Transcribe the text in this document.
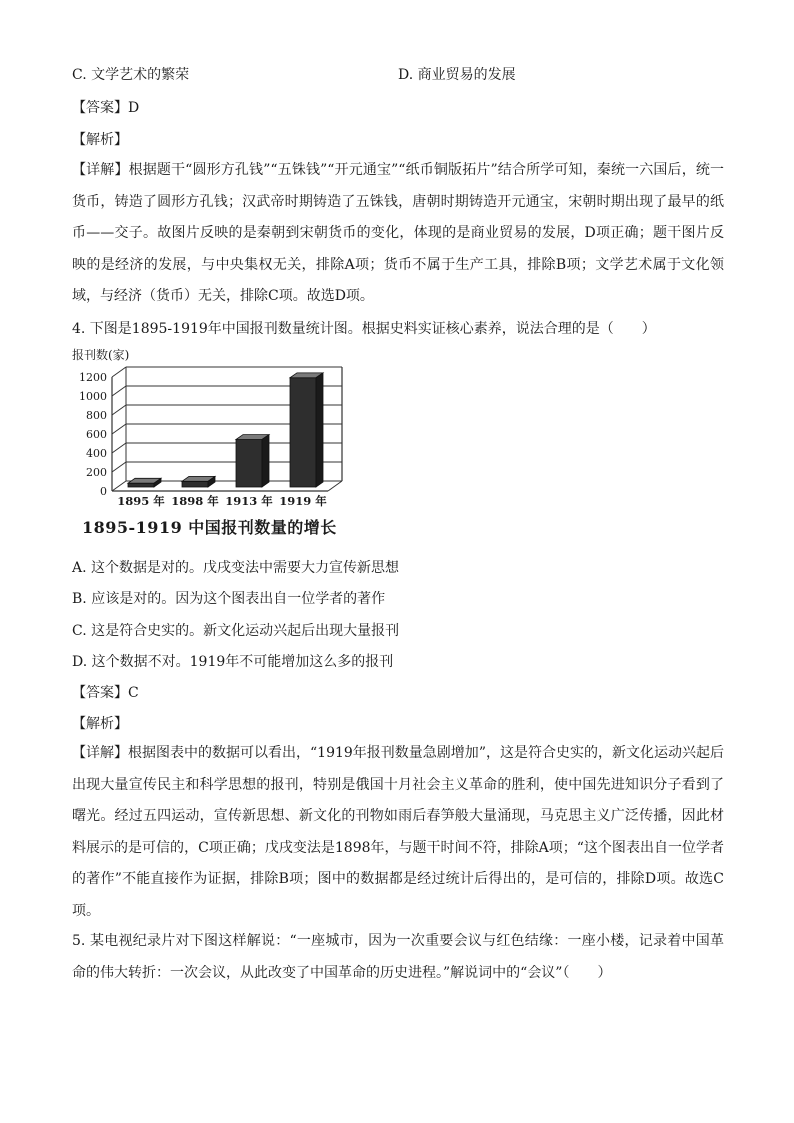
C. 文学艺术的繁荣	D. 商业贸易的发展
【答案】D
【解析】
【详解】根据题干“圆形方孔钱”“五铢钱”“开元通宝”“纸币铜版拓片”结合所学可知，秦统一六国后，统一货币，铸造了圆形方孔钱；汉武帝时期铸造了五铢钱，唐朝时期铸造开元通宝，宋朝时期出现了最早的纸币——交子。故图片反映的是秦朝到宋朝货币的变化，体现的是商业贸易的发展，D项正确；题干图片反映的是经济的发展，与中央集权无关，排除A项；货币不属于生产工具，排除B项；文学艺术属于文化领域，与经济（货币）无关，排除C项。故选D项。
4. 下图是1895-1919年中国报刊数量统计图。根据史料实证核心素养，说法合理的是（　　）
报刊数(家)
0
200
400
600
800
1000
1200
1895 年 1898 年 1913 年 1919 年
1895-1919 中国报刊数量的增长
A. 这个数据是对的。戊戌变法中需要大力宣传新思想
B. 应该是对的。因为这个图表出自一位学者的著作
C. 这是符合史实的。新文化运动兴起后出现大量报刊
D. 这个数据不对。1919年不可能增加这么多的报刊
【答案】C
【解析】
【详解】根据图表中的数据可以看出，“1919年报刊数量急剧增加”，这是符合史实的，新文化运动兴起后出现大量宣传民主和科学思想的报刊，特别是俄国十月社会主义革命的胜利，使中国先进知识分子看到了曙光。经过五四运动，宣传新思想、新文化的刊物如雨后春笋般大量涌现，马克思主义广泛传播，因此材料展示的是可信的，C项正确；戊戌变法是1898年，与题干时间不符，排除A项；“这个图表出自一位学者的著作”不能直接作为证据，排除B项；图中的数据都是经过统计后得出的，是可信的，排除D项。故选C项。
5. 某电视纪录片对下图这样解说：“一座城市，因为一次重要会议与红色结缘：一座小楼，记录着中国革命的伟大转折：一次会议，从此改变了中国革命的历史进程。”解说词中的“会议”（　　）
